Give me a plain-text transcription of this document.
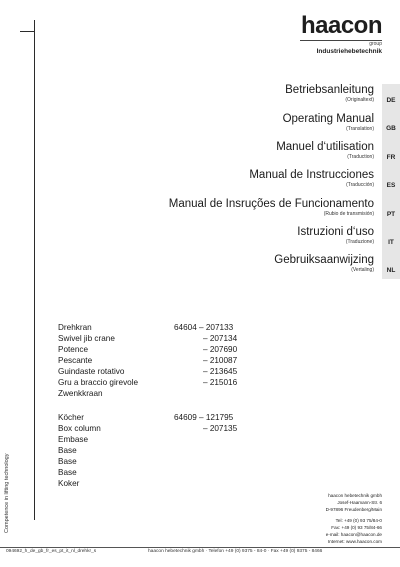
haacon
group
Industriehebetechnik
Betriebsanleitung
(Originaltext)	DE
Operating Manual
(Translation)	GB
Manuel d‘utilisation
(Traduction)	FR
Manual de Instrucciones
(Traducción)	ES
Manual de Insruções de Funcionamento
(Rubio de transmisión)	PT
Istruzioni d‘uso
(Traduzione)	IT
Gebruiksaanwijzing
(Vertaling)	NL
Drehkran	64604 – 207133
Swivel jib crane	– 207134
Potence	– 207690
Pescante	– 210087
Guindaste rotativo	– 213645
Gru a braccio girevole	– 215016
Zwenkkraan
Köcher	64609 – 121795
Box column	– 207135
Embase
Base
Base
Base
Koker
Competence in lifting technology	haacon hebetechnik gmbh
Josef-Haamann-Str. 6
D-97896 Freudenberg/Main
Tel: +49 (0) 93 75/84-0
Fax: +49 (0) 93 75/84-66
e-mail: haacon@haacon.de
Internet: www.haacon.com
094692_h_de_gb_fr_es_pt_it_nl_drehkr_s	haacon hebetechnik gmbh · Telefon +49 (0) 9375 - 84-0 · Fax +49 (0) 9375 - 8466
